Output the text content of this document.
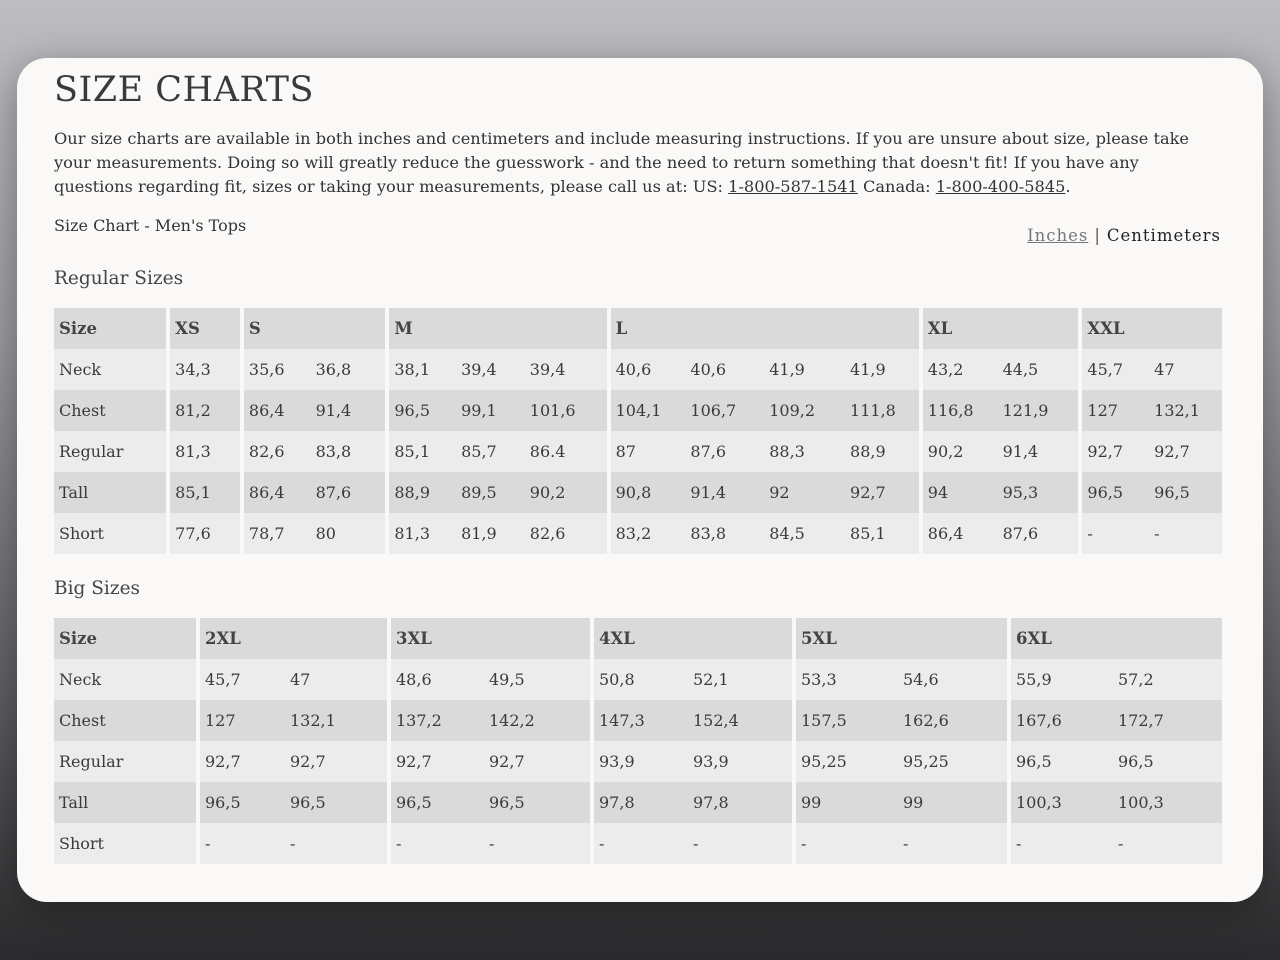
SIZE CHARTS
Our size charts are available in both inches and centimeters and include measuring instructions. If you are unsure about size, please take your measurements. Doing so will greatly reduce the guesswork - and the need to return something that doesn't fit! If you have any questions regarding fit, sizes or taking your measurements, please call us at: US: 1-800-587-1541 Canada: 1-800-400-5845.
Size Chart - Men's Tops
Inches | Centimeters
Regular Sizes
Size	XS	S		M			L				XL		XXL	
Neck	34,3	35,6	36,8	38,1	39,4	39,4	40,6	40,6	41,9	41,9	43,2	44,5	45,7	47
Chest	81,2	86,4	91,4	96,5	99,1	101,6	104,1	106,7	109,2	111,8	116,8	121,9	127	132,1
Regular	81,3	82,6	83,8	85,1	85,7	86.4	87	87,6	88,3	88,9	90,2	91,4	92,7	92,7
Tall	85,1	86,4	87,6	88,9	89,5	90,2	90,8	91,4	92	92,7	94	95,3	96,5	96,5
Short	77,6	78,7	80	81,3	81,9	82,6	83,2	83,8	84,5	85,1	86,4	87,6	-	-
Big Sizes
Size	2XL		3XL		4XL		5XL		6XL	
Neck	45,7	47	48,6	49,5	50,8	52,1	53,3	54,6	55,9	57,2
Chest	127	132,1	137,2	142,2	147,3	152,4	157,5	162,6	167,6	172,7
Regular	92,7	92,7	92,7	92,7	93,9	93,9	95,25	95,25	96,5	96,5
Tall	96,5	96,5	96,5	96,5	97,8	97,8	99	99	100,3	100,3
Short	-	-	-	-	-	-	-	-	-	-
